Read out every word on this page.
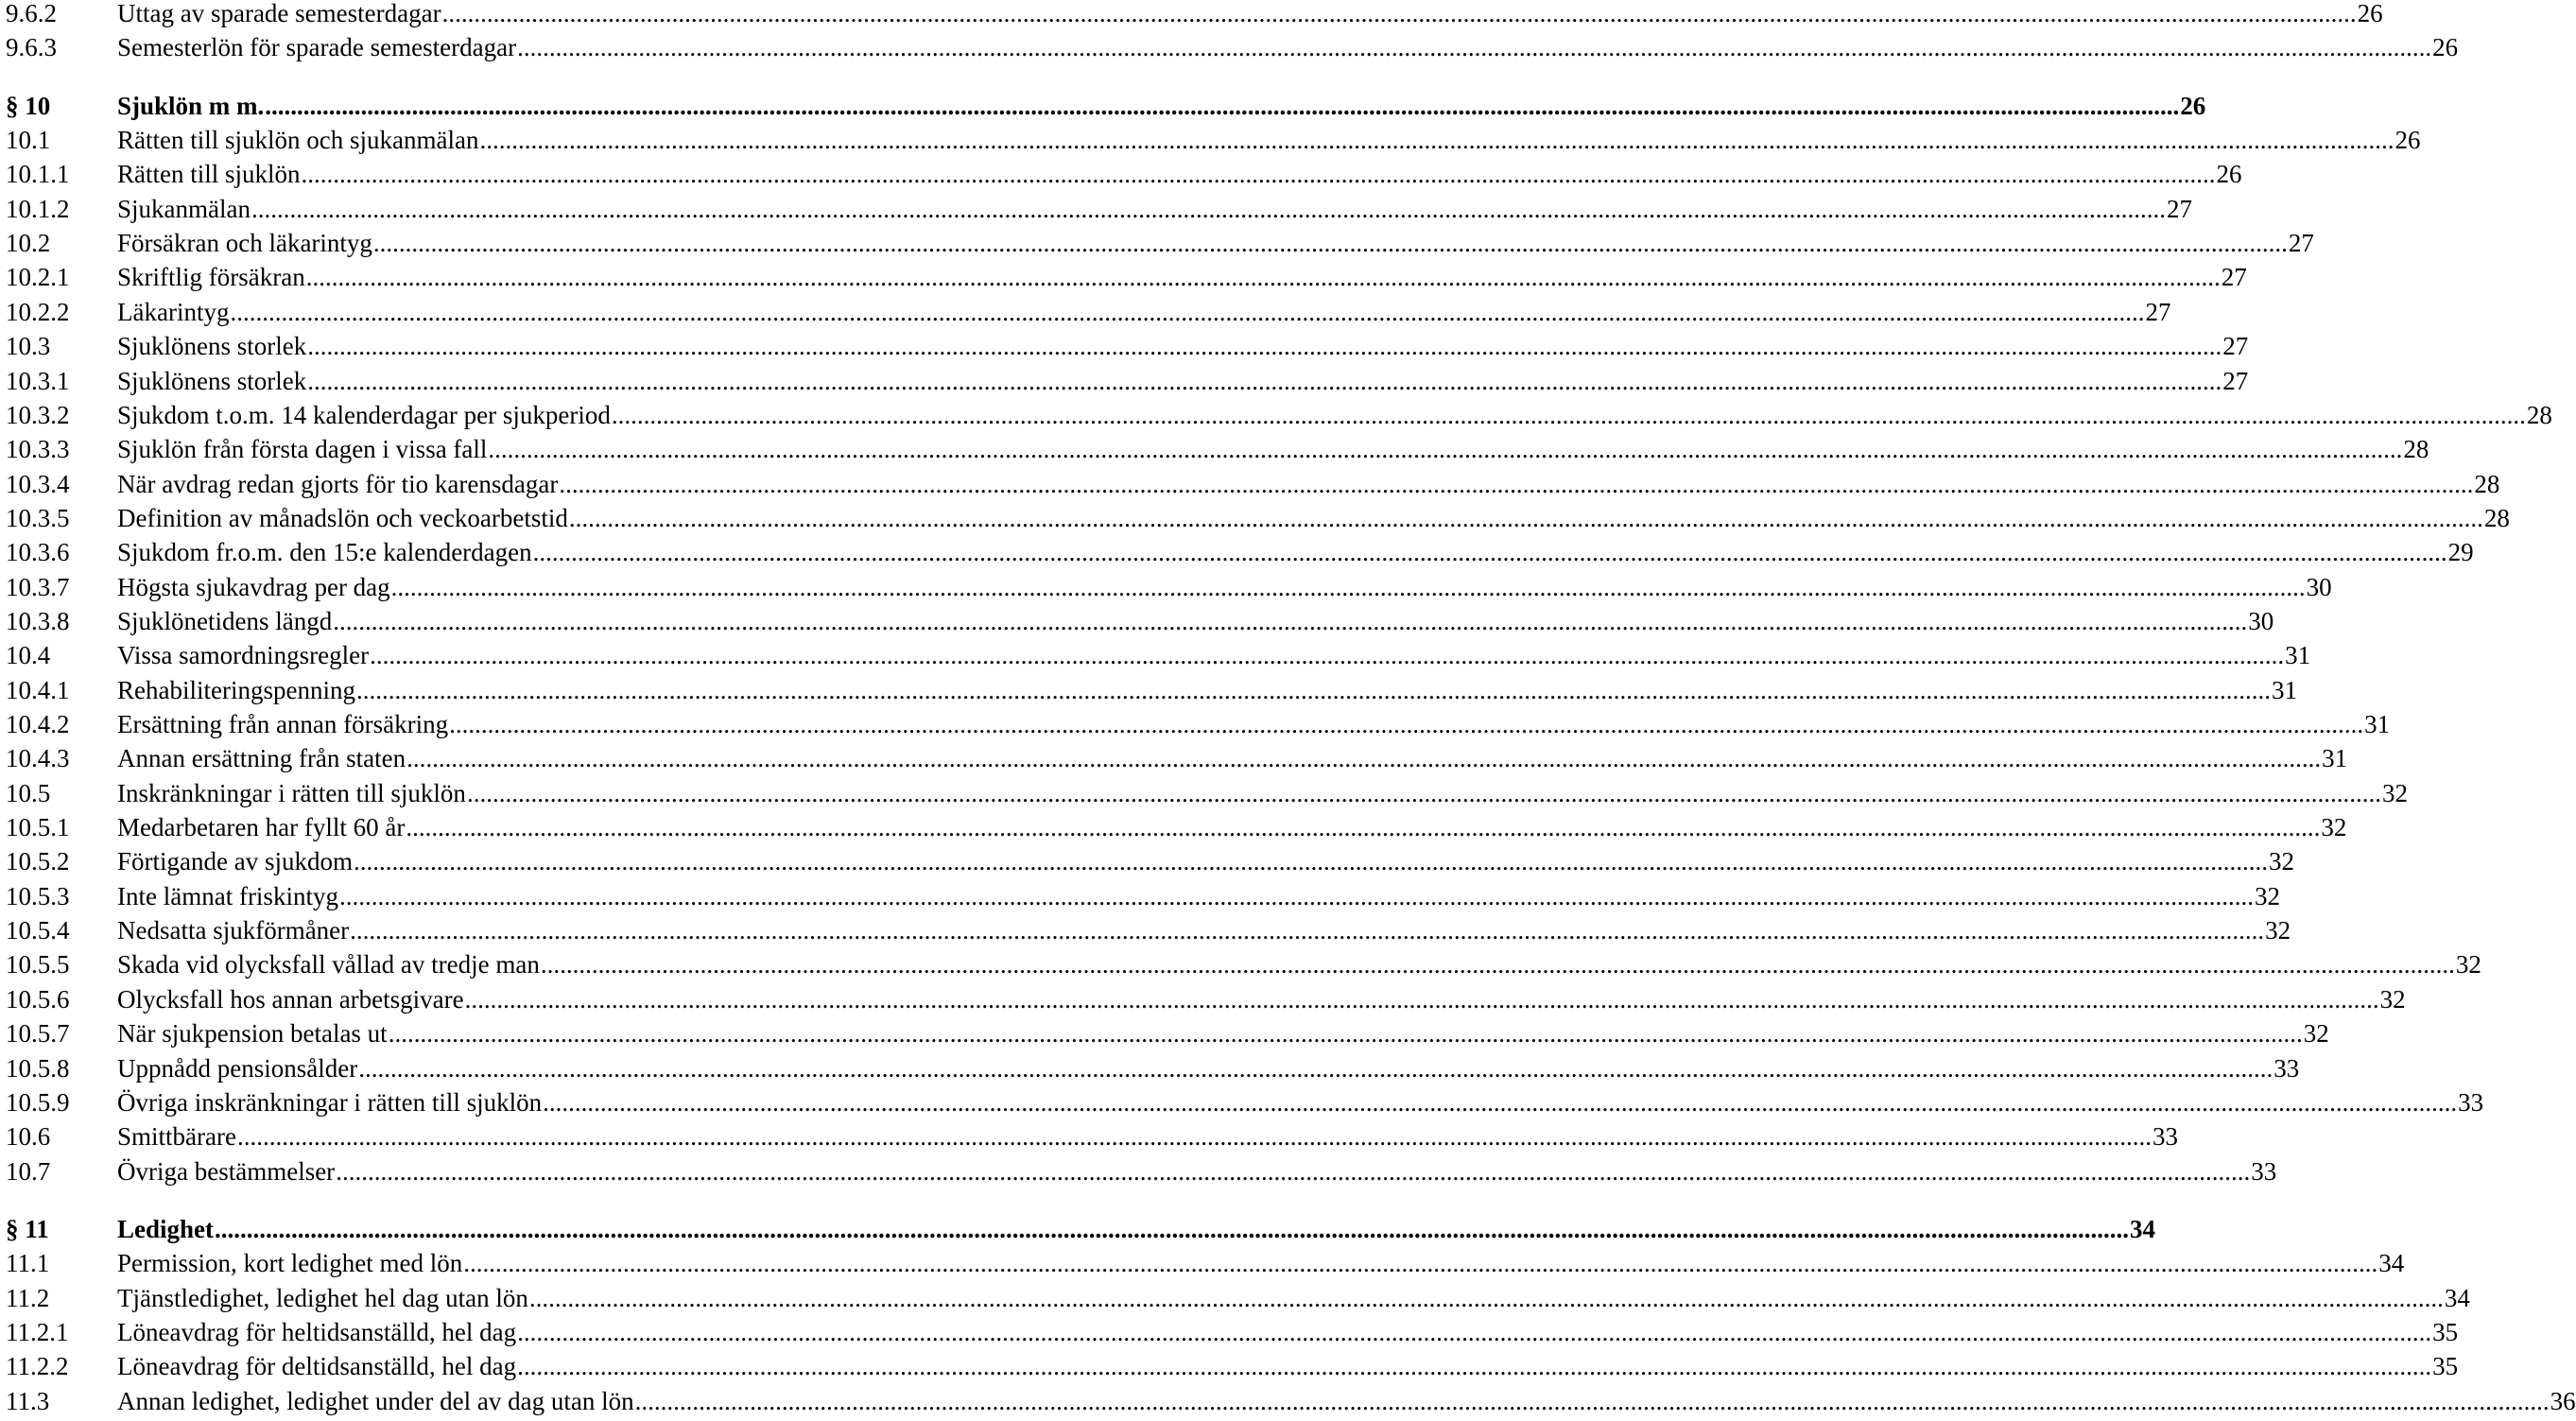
9.6.2 Uttag av sparade semesterdagar ............................................................................................................................................................................................................................................................................................................ 26
9.6.3 Semesterlön för sparade semesterdagar ............................................................................................................................................................................................................................................................................................................ 26
§ 10	Sjuklön m m. ............................................................................................................................................................................................................................................................................................................ 26
10.1	Rätten till sjuklön och sjukanmälan ............................................................................................................................................................................................................................................................................................................ 26
10.1.1 Rätten till sjuklön ............................................................................................................................................................................................................................................................................................................ 26
10.1.2 Sjukanmälan ............................................................................................................................................................................................................................................................................................................ 27
10.2	Försäkran och läkarintyg ............................................................................................................................................................................................................................................................................................................ 27
10.2.1 Skriftlig försäkran ............................................................................................................................................................................................................................................................................................................ 27
10.2.2 Läkarintyg ............................................................................................................................................................................................................................................................................................................ 27
10.3	Sjuklönens storlek ............................................................................................................................................................................................................................................................................................................ 27
10.3.1 Sjuklönens storlek ............................................................................................................................................................................................................................................................................................................ 27
10.3.2 Sjukdom t.o.m. 14 kalenderdagar per sjukperiod ............................................................................................................................................................................................................................................................................................................ 28
10.3.3 Sjuklön från första dagen i vissa fall ............................................................................................................................................................................................................................................................................................................ 28
10.3.4 När avdrag redan gjorts för tio karensdagar ............................................................................................................................................................................................................................................................................................................ 28
10.3.5 Definition av månadslön och veckoarbetstid ............................................................................................................................................................................................................................................................................................................ 28
10.3.6 Sjukdom fr.o.m. den 15:e kalenderdagen ............................................................................................................................................................................................................................................................................................................ 29
10.3.7 Högsta sjukavdrag per dag ............................................................................................................................................................................................................................................................................................................ 30
10.3.8 Sjuklönetidens längd ............................................................................................................................................................................................................................................................................................................ 30
10.4	Vissa samordningsregler ............................................................................................................................................................................................................................................................................................................ 31
10.4.1 Rehabiliteringspenning ............................................................................................................................................................................................................................................................................................................ 31
10.4.2 Ersättning från annan försäkring ............................................................................................................................................................................................................................................................................................................ 31
10.4.3 Annan ersättning från staten ............................................................................................................................................................................................................................................................................................................ 31
10.5	Inskränkningar i rätten till sjuklön ............................................................................................................................................................................................................................................................................................................ 32
10.5.1 Medarbetaren har fyllt 60 år ............................................................................................................................................................................................................................................................................................................ 32
10.5.2 Förtigande av sjukdom ............................................................................................................................................................................................................................................................................................................ 32
10.5.3 Inte lämnat friskintyg ............................................................................................................................................................................................................................................................................................................ 32
10.5.4 Nedsatta sjukförmåner ............................................................................................................................................................................................................................................................................................................ 32
10.5.5 Skada vid olycksfall vållad av tredje man ............................................................................................................................................................................................................................................................................................................ 32
10.5.6 Olycksfall hos annan arbetsgivare ............................................................................................................................................................................................................................................................................................................ 32
10.5.7 När sjukpension betalas ut ............................................................................................................................................................................................................................................................................................................ 32
10.5.8 Uppnådd pensionsålder ............................................................................................................................................................................................................................................................................................................ 33
10.5.9 Övriga inskränkningar i rätten till sjuklön ............................................................................................................................................................................................................................................................................................................ 33
10.6	Smittbärare ............................................................................................................................................................................................................................................................................................................ 33
10.7	Övriga bestämmelser ............................................................................................................................................................................................................................................................................................................ 33
§ 11	Ledighet ............................................................................................................................................................................................................................................................................................................ 34
11.1	Permission, kort ledighet med lön ............................................................................................................................................................................................................................................................................................................ 34
11.2	Tjänstledighet, ledighet hel dag utan lön ............................................................................................................................................................................................................................................................................................................ 34
11.2.1 Löneavdrag för heltidsanställd, hel dag ............................................................................................................................................................................................................................................................................................................ 35
11.2.2 Löneavdrag för deltidsanställd, hel dag ............................................................................................................................................................................................................................................................................................................ 35
11.3	Annan ledighet, ledighet under del av dag utan lön ............................................................................................................................................................................................................................................................................................................ 36
